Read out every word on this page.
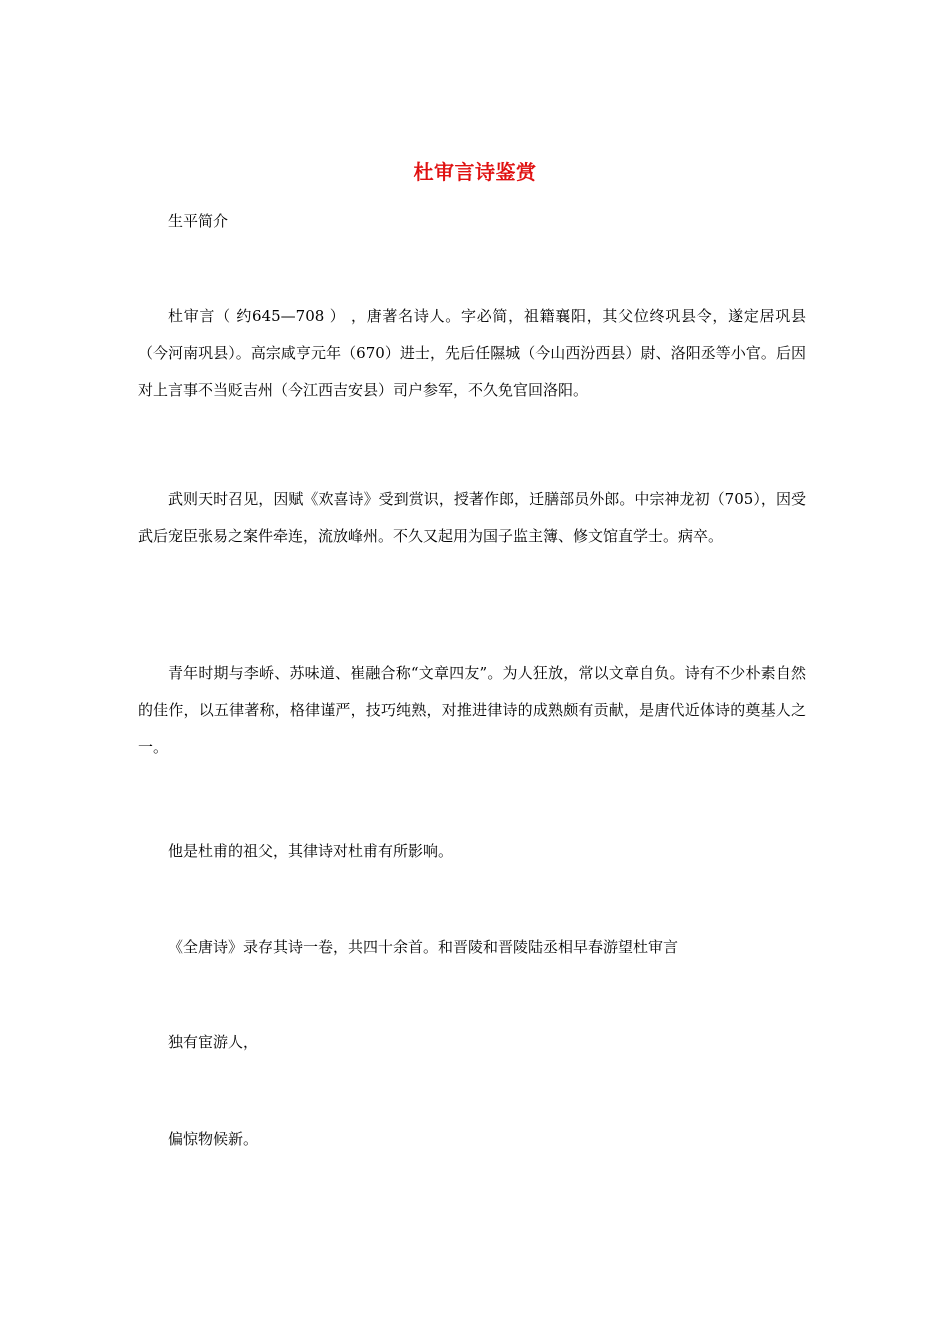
杜审言诗鉴赏

生平简介

杜审言（ 约645—708 ） ，唐著名诗人。字必简，祖籍襄阳，其父位终巩县令，遂定居巩县（今河南巩县）。高宗咸亨元年（670）进士，先后任隰城（今山西汾西县）尉、洛阳丞等小官。后因对上言事不当贬吉州（今江西吉安县）司户参军，不久免官回洛阳。

武则天时召见，因赋《欢喜诗》受到赏识，授著作郎，迁膳部员外郎。中宗神龙初（705），因受武后宠臣张易之案件牵连，流放峰州。不久又起用为国子监主簿、修文馆直学士。病卒。

青年时期与李峤、苏味道、崔融合称“文章四友”。为人狂放，常以文章自负。诗有不少朴素自然的佳作，以五律著称，格律谨严，技巧纯熟，对推进律诗的成熟颇有贡献，是唐代近体诗的奠基人之一。

他是杜甫的祖父，其律诗对杜甫有所影响。

《全唐诗》录存其诗一卷，共四十余首。和晋陵和晋陵陆丞相早春游望杜审言

独有宦游人，

偏惊物候新。
